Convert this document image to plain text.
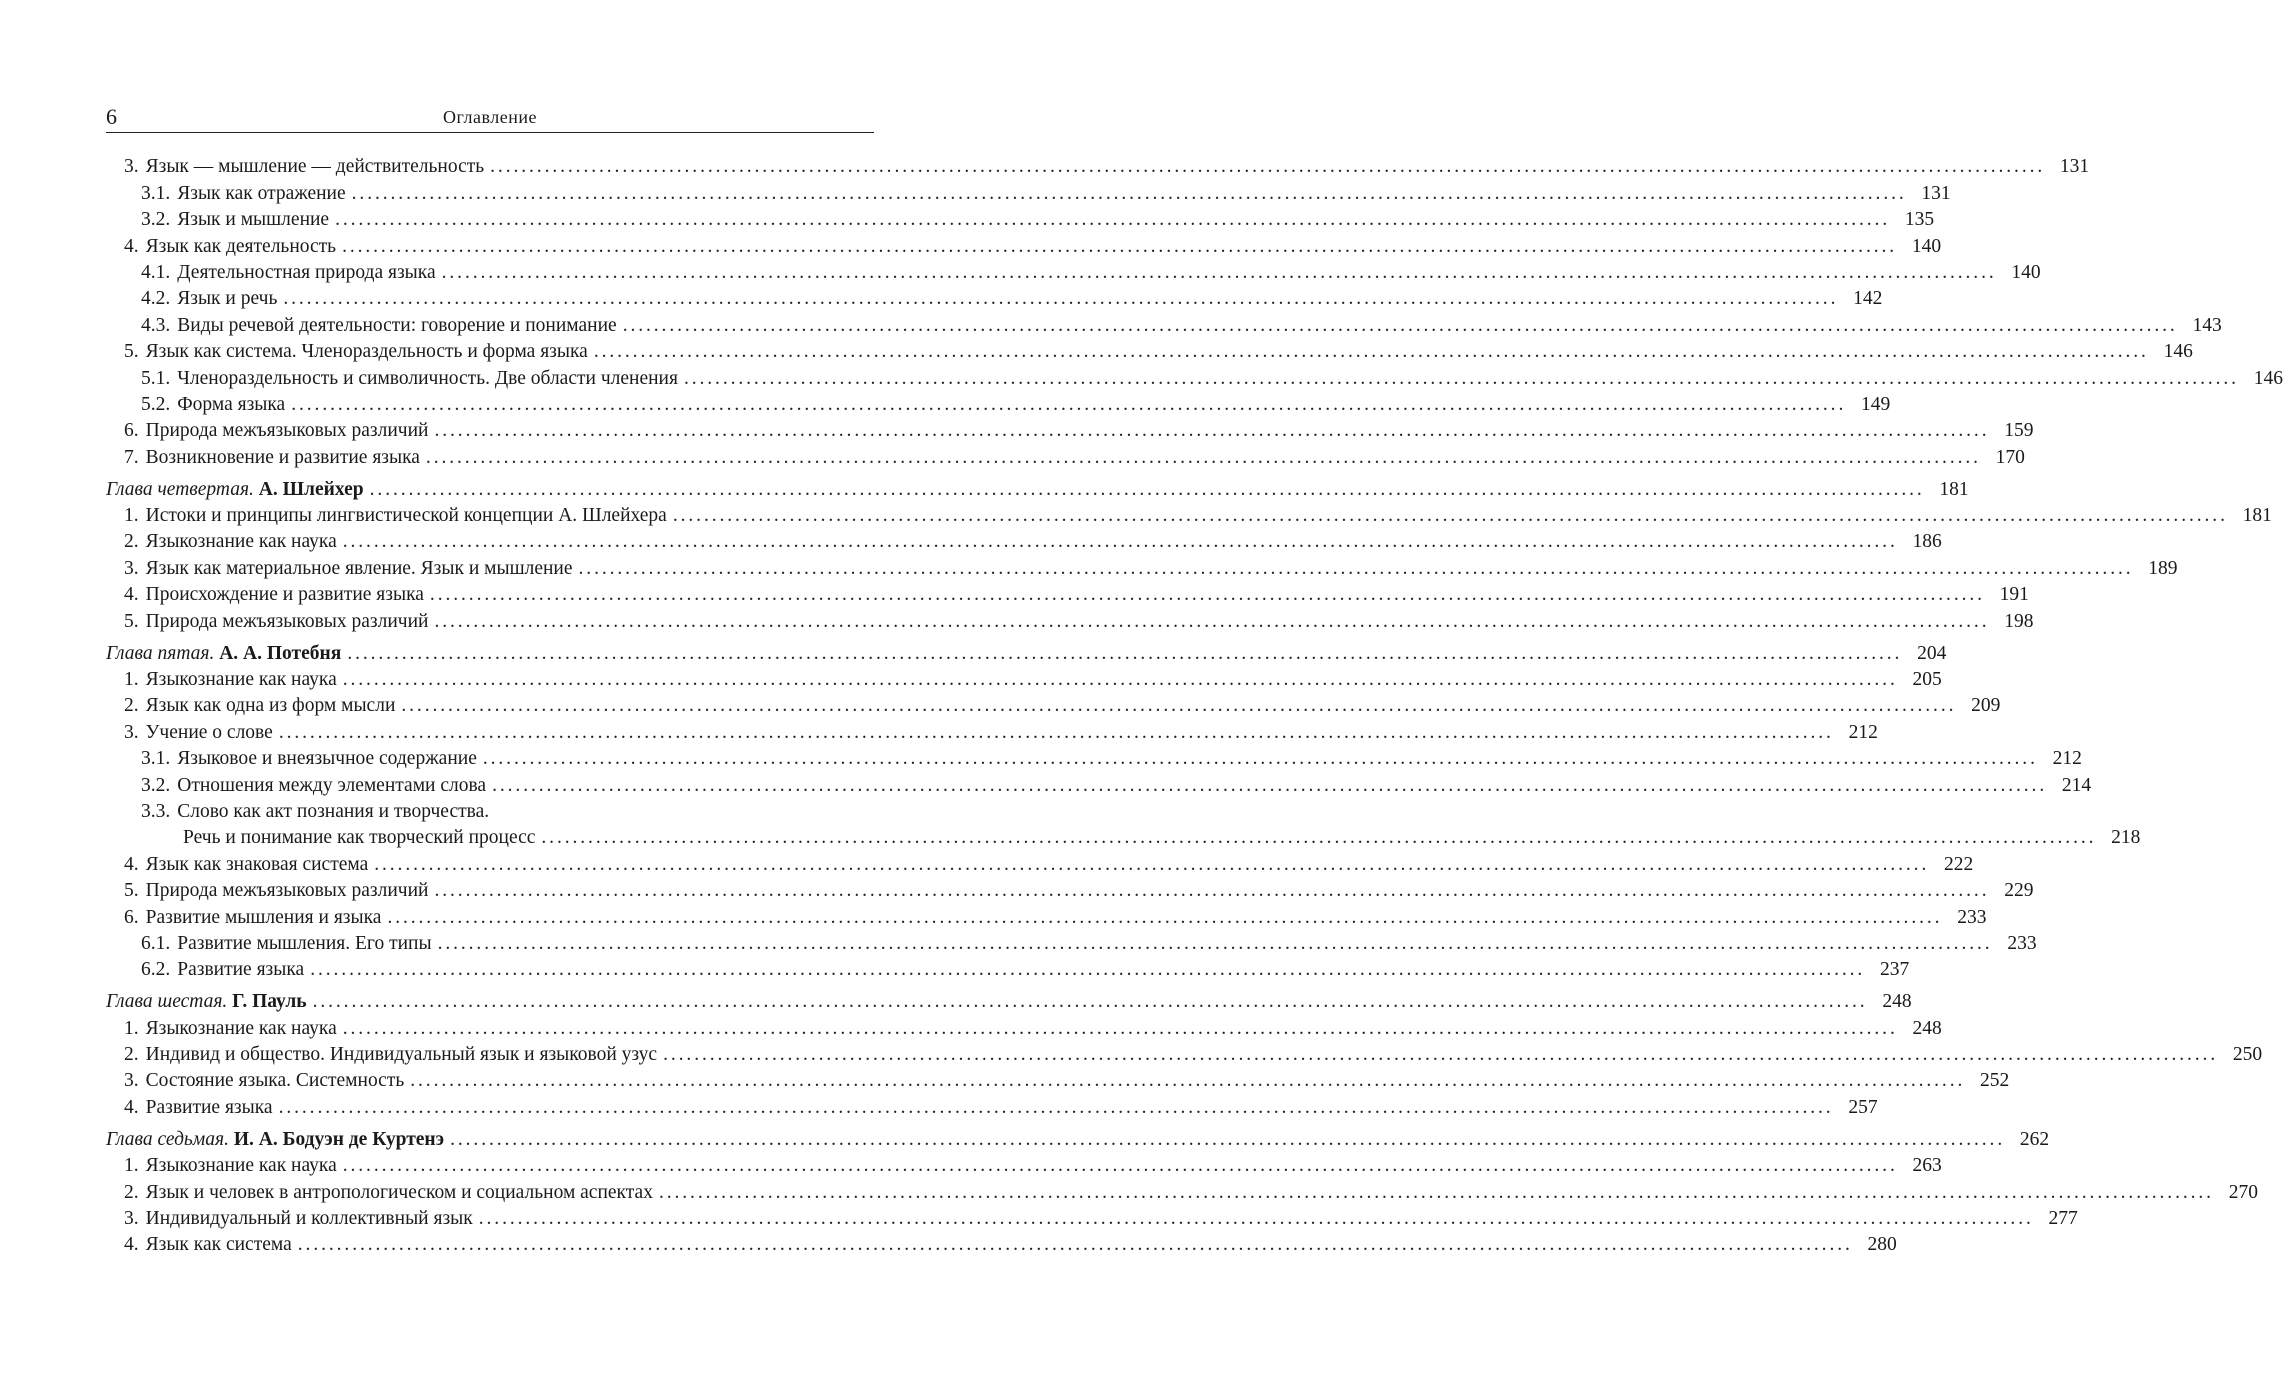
6	Оглавление
3. Язык — мышление — действительность ........................................................................................................................................................................................................ 131
3.1. Язык как отражение ........................................................................................................................................................................................................ 131
3.2. Язык и мышление ........................................................................................................................................................................................................ 135
4. Язык как деятельность ........................................................................................................................................................................................................ 140
4.1. Деятельностная природа языка ........................................................................................................................................................................................................ 140
4.2. Язык и речь ........................................................................................................................................................................................................ 142
4.3. Виды речевой деятельности: говорение и понимание ........................................................................................................................................................................................................ 143
5. Язык как система. Членораздельность и форма языка ........................................................................................................................................................................................................ 146
5.1. Членораздельность и символичность. Две области членения ........................................................................................................................................................................................................ 146
5.2. Форма языка ........................................................................................................................................................................................................ 149
6. Природа межъязыковых различий ........................................................................................................................................................................................................ 159
7. Возникновение и развитие языка ........................................................................................................................................................................................................ 170
Глава четвертая. А. Шлейхер ........................................................................................................................................................................................................ 181
1. Истоки и принципы лингвистической концепции А. Шлейхера ........................................................................................................................................................................................................ 181
2. Языкознание как наука ........................................................................................................................................................................................................ 186
3. Язык как материальное явление. Язык и мышление ........................................................................................................................................................................................................ 189
4. Происхождение и развитие языка ........................................................................................................................................................................................................ 191
5. Природа межъязыковых различий ........................................................................................................................................................................................................ 198
Глава пятая. А. А. Потебня ........................................................................................................................................................................................................ 204
1. Языкознание как наука ........................................................................................................................................................................................................ 205
2. Язык как одна из форм мысли ........................................................................................................................................................................................................ 209
3. Учение о слове ........................................................................................................................................................................................................ 212
3.1. Языковое и внеязычное содержание ........................................................................................................................................................................................................ 212
3.2. Отношения между элементами слова ........................................................................................................................................................................................................ 214
3.3. Слово как акт познания и творчества.
Речь и понимание как творческий процесс ........................................................................................................................................................................................................ 218
4. Язык как знаковая система ........................................................................................................................................................................................................ 222
5. Природа межъязыковых различий ........................................................................................................................................................................................................ 229
6. Развитие мышления и языка ........................................................................................................................................................................................................ 233
6.1. Развитие мышления. Его типы ........................................................................................................................................................................................................ 233
6.2. Развитие языка ........................................................................................................................................................................................................ 237
Глава шестая. Г. Пауль ........................................................................................................................................................................................................ 248
1. Языкознание как наука ........................................................................................................................................................................................................ 248
2. Индивид и общество. Индивидуальный язык и языковой узус ........................................................................................................................................................................................................ 250
3. Состояние языка. Системность ........................................................................................................................................................................................................ 252
4. Развитие языка ........................................................................................................................................................................................................ 257
Глава седьмая. И. А. Бодуэн де Куртенэ ........................................................................................................................................................................................................ 262
1. Языкознание как наука ........................................................................................................................................................................................................ 263
2. Язык и человек в антропологическом и социальном аспектах ........................................................................................................................................................................................................ 270
3. Индивидуальный и коллективный язык ........................................................................................................................................................................................................ 277
4. Язык как система ........................................................................................................................................................................................................ 280
